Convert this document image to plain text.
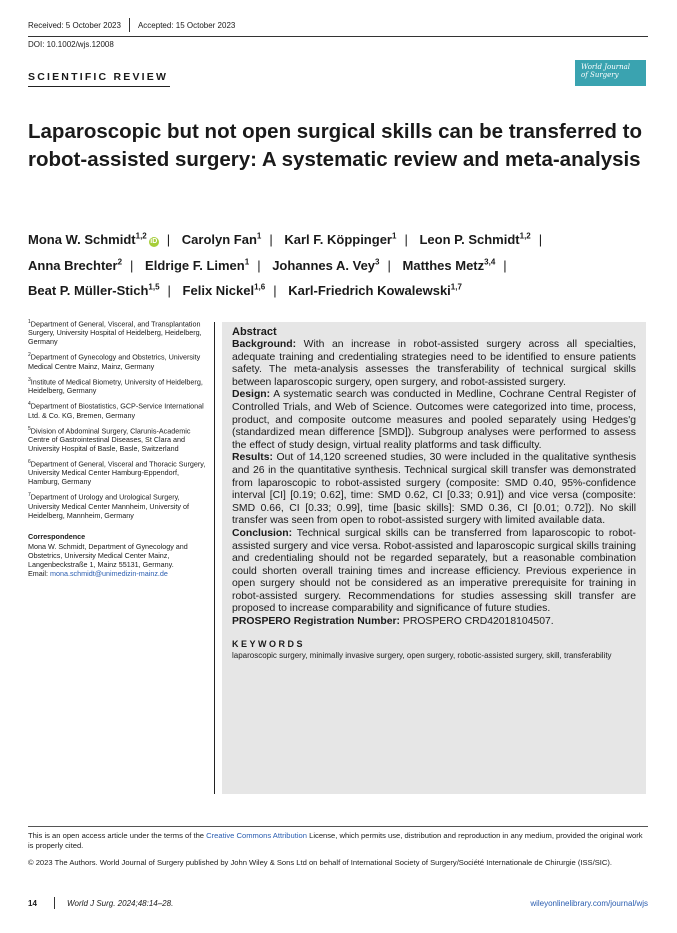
Received: 5 October 2023 Accepted: 15 October 2023
DOI: 10.1002/wjs.12008
SCIENTIFIC REVIEW
World Journal
of Surgery
Laparoscopic but not open surgical skills can be transferred to robot-assisted surgery: A systematic review and meta-analysis
Mona W. Schmidt$^{1,2}$iD | Carolyn Fan$^1$ | Karl F. Köppinger$^1$ | Leon P. Schmidt$^{1,2}$ |
Anna Brechter$^2$ | Eldrige F. Limen$^1$ | Johannes A. Vey$^3$ | Matthes Metz$^{3,4}$ |
Beat P. Müller-Stich$^{1,5}$ | Felix Nickel$^{1,6}$ | Karl-Friedrich Kowalewski$^{1,7}$
$^1$Department of General, Visceral, and Transplantation Surgery, University Hospital of Heidelberg, Heidelberg, Germany
$^2$Department of Gynecology and Obstetrics, University Medical Centre Mainz, Mainz, Germany
$^3$Institute of Medical Biometry, University of Heidelberg, Heidelberg, Germany
$^4$Department of Biostatistics, GCP-Service International Ltd. & Co. KG, Bremen, Germany
$^5$Division of Abdominal Surgery, Clarunis-Academic Centre of Gastrointestinal Diseases, St Clara and University Hospital of Basle, Basle, Switzerland
$^6$Department of General, Visceral and Thoracic Surgery, University Medical Center Hamburg-Eppendorf, Hamburg, Germany
$^7$Department of Urology and Urological Surgery, University Medical Center Mannheim, University of Heidelberg, Mannheim, Germany
Correspondence
Mona W. Schmidt, Department of Gynecology and Obstetrics, University Medical Center Mainz, Langenbeckstraße 1, Mainz 55131, Germany.
Email: mona.schmidt@unimedizin-mainz.de
Abstract

Background: With an increase in robot-assisted surgery across all specialties, adequate training and credentialing strategies need to be identified to ensure patients safety. The meta-analysis assesses the transferability of technical surgical skills between laparoscopic surgery, open surgery, and robot-assisted surgery.

Design: A systematic search was conducted in Medline, Cochrane Central Register of Controlled Trials, and Web of Science. Outcomes were categorized into time, process, product, and composite outcome measures and pooled separately using Hedges'g (standardized mean difference [SMD]). Subgroup analyses were performed to assess the effect of study design, virtual reality platforms and task difficulty.

Results: Out of 14,120 screened studies, 30 were included in the qualitative synthesis and 26 in the quantitative synthesis. Technical surgical skill transfer was demonstrated from laparoscopic to robot-assisted surgery (composite: SMD 0.40, 95%-confidence interval [CI] [0.19; 0.62], time: SMD 0.62, CI [0.33; 0.91]) and vice versa (composite: SMD 0.66, CI [0.33; 0.99], time [basic skills]: SMD 0.36, CI [0.01; 0.72]). No skill transfer was seen from open to robot-assisted surgery with limited available data.

Conclusion: Technical surgical skills can be transferred from laparoscopic to robot-assisted surgery and vice versa. Robot-assisted and laparoscopic surgical skills training and credentialing should not be regarded separately, but a reasonable combination could shorten overall training times and increase efficiency. Previous experience in open surgery should not be considered as an imperative prerequisite for training in robot-assisted surgery. Recommendations for studies assessing skill transfer are proposed to increase comparability and significance of future studies.

PROSPERO Registration Number: PROSPERO CRD42018104507.

KEYWORDS
laparoscopic surgery, minimally invasive surgery, open surgery, robotic-assisted surgery, skill, transferability
This is an open access article under the terms of the Creative Commons Attribution License, which permits use, distribution and reproduction in any medium, provided the original work is properly cited.
© 2023 The Authors. World Journal of Surgery published by John Wiley & Sons Ltd on behalf of International Society of Surgery/Société Internationale de Chirurgie (ISS/SIC).
14	World J Surg. 2024;48:14–28.	wileyonlinelibrary.com/journal/wjs
